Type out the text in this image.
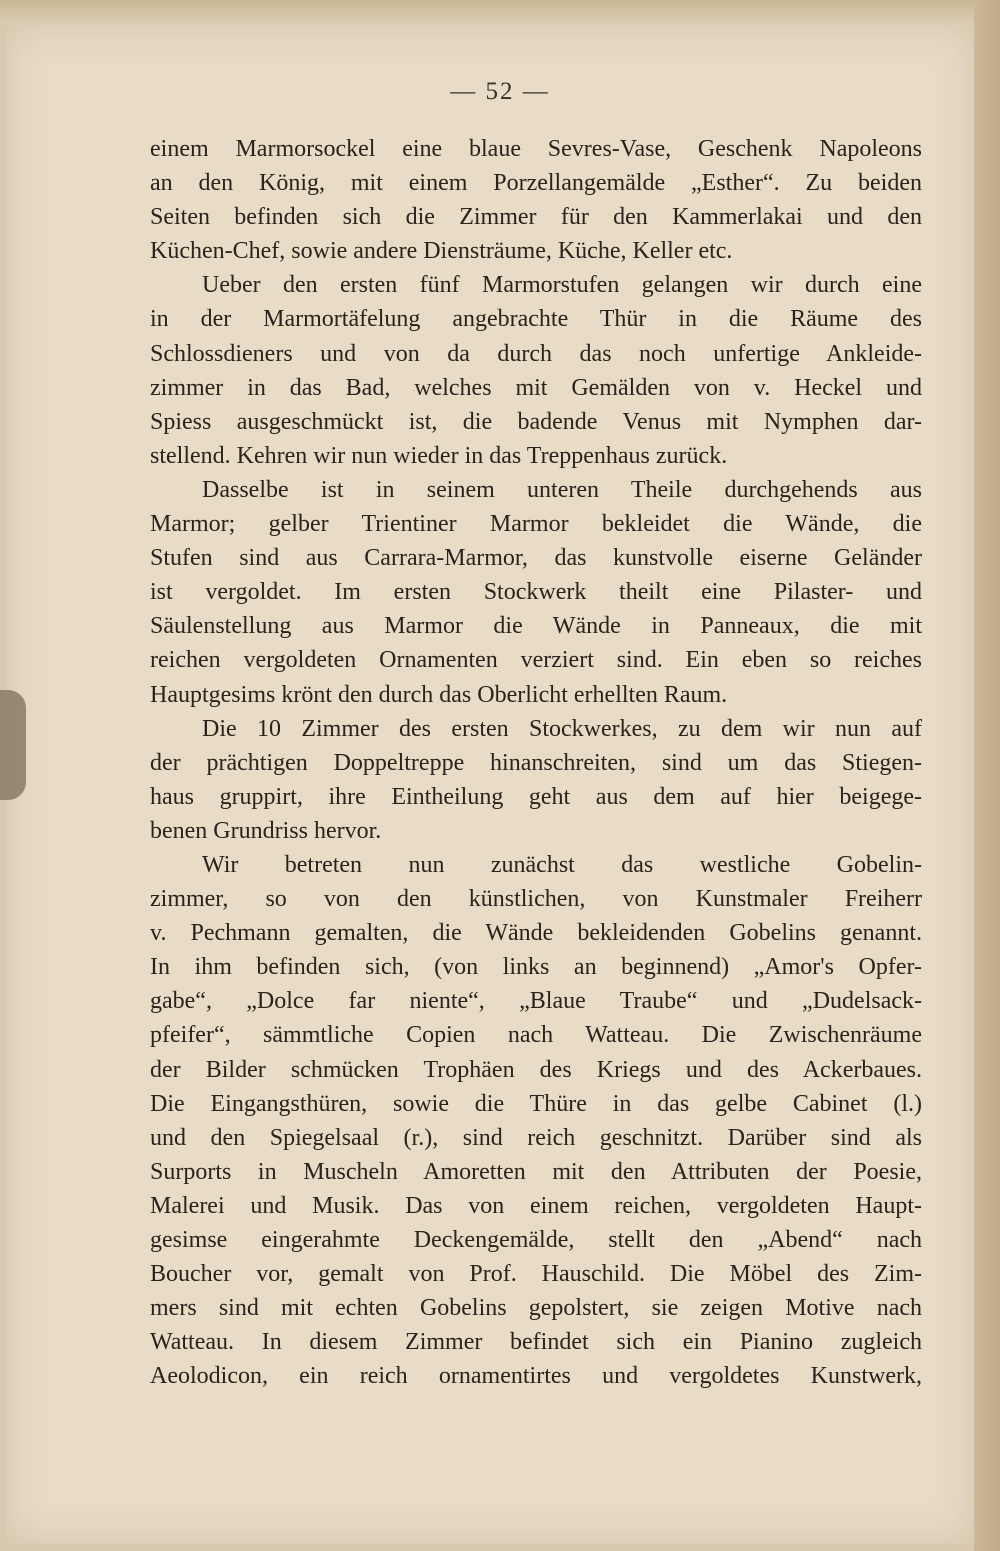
— 52 —
einem Marmorsockel eine blaue Sevres-Vase, Geschenk Napoleons
an den König, mit einem Porzellangemälde „Esther“. Zu beiden
Seiten befinden sich die Zimmer für den Kammerlakai und den
Küchen-Chef, sowie andere Diensträume, Küche, Keller etc.
Ueber den ersten fünf Marmorstufen gelangen wir durch eine
in der Marmortäfelung angebrachte Thür in die Räume des
Schlossdieners und von da durch das noch unfertige Ankleide-
zimmer in das Bad, welches mit Gemälden von v. Heckel und
Spiess ausgeschmückt ist, die badende Venus mit Nymphen dar-
stellend. Kehren wir nun wieder in das Treppenhaus zurück.
Dasselbe ist in seinem unteren Theile durchgehends aus
Marmor; gelber Trientiner Marmor bekleidet die Wände, die
Stufen sind aus Carrara-Marmor, das kunstvolle eiserne Geländer
ist vergoldet. Im ersten Stockwerk theilt eine Pilaster- und
Säulenstellung aus Marmor die Wände in Panneaux, die mit
reichen vergoldeten Ornamenten verziert sind. Ein eben so reiches
Hauptgesims krönt den durch das Oberlicht erhellten Raum.
Die 10 Zimmer des ersten Stockwerkes, zu dem wir nun auf
der prächtigen Doppeltreppe hinanschreiten, sind um das Stiegen-
haus gruppirt, ihre Eintheilung geht aus dem auf hier beigege-
benen Grundriss hervor.
Wir betreten nun zunächst das westliche Gobelin-
zimmer, so von den künstlichen, von Kunstmaler Freiherr
v. Pechmann gemalten, die Wände bekleidenden Gobelins genannt.
In ihm befinden sich, (von links an beginnend) „Amor's Opfer-
gabe“, „Dolce far niente“, „Blaue Traube“ und „Dudelsack-
pfeifer“, sämmtliche Copien nach Watteau. Die Zwischenräume
der Bilder schmücken Trophäen des Kriegs und des Ackerbaues.
Die Eingangsthüren, sowie die Thüre in das gelbe Cabinet (l.)
und den Spiegelsaal (r.), sind reich geschnitzt. Darüber sind als
Surports in Muscheln Amoretten mit den Attributen der Poesie,
Malerei und Musik. Das von einem reichen, vergoldeten Haupt-
gesimse eingerahmte Deckengemälde, stellt den „Abend“ nach
Boucher vor, gemalt von Prof. Hauschild. Die Möbel des Zim-
mers sind mit echten Gobelins gepolstert, sie zeigen Motive nach
Watteau. In diesem Zimmer befindet sich ein Pianino zugleich
Aeolodicon, ein reich ornamentirtes und vergoldetes Kunstwerk,
